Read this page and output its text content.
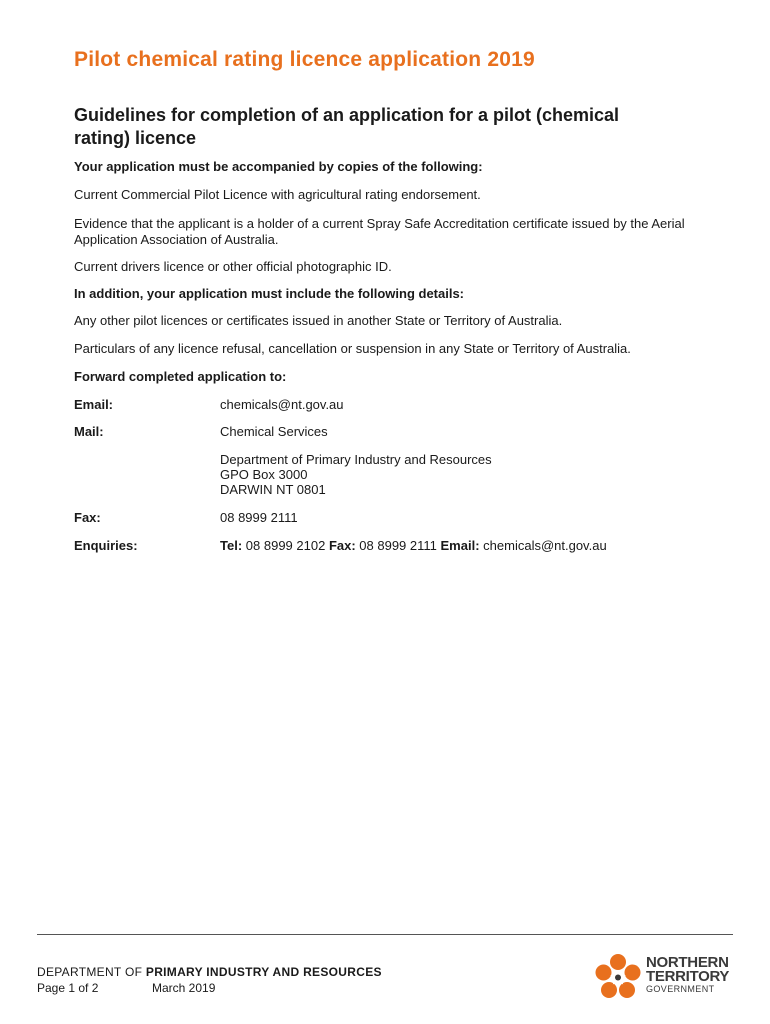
Pilot chemical rating licence application 2019
Guidelines for completion of an application for a pilot (chemical rating) licence

Your application must be accompanied by copies of the following:

Current Commercial Pilot Licence with agricultural rating endorsement.

Evidence that the applicant is a holder of a current Spray Safe Accreditation certificate issued by the Aerial Application Association of Australia.

Current drivers licence or other official photographic ID.

In addition, your application must include the following details:

Any other pilot licences or certificates issued in another State or Territory of Australia.

Particulars of any licence refusal, cancellation or suspension in any State or Territory of Australia.

Forward completed application to:

Email:	chemicals@nt.gov.au

Mail:	Chemical Services

Department of Primary Industry and Resources
GPO Box 3000
DARWIN NT 0801

Fax:	08 8999 2111

Enquiries:	Tel: 08 8999 2102 Fax: 08 8999 2111 Email: chemicals@nt.gov.au

DEPARTMENT OF PRIMARY INDUSTRY AND RESOURCES

Page 1 of 2	March 2019

NORTHERN
TERRITORY
GOVERNMENT
